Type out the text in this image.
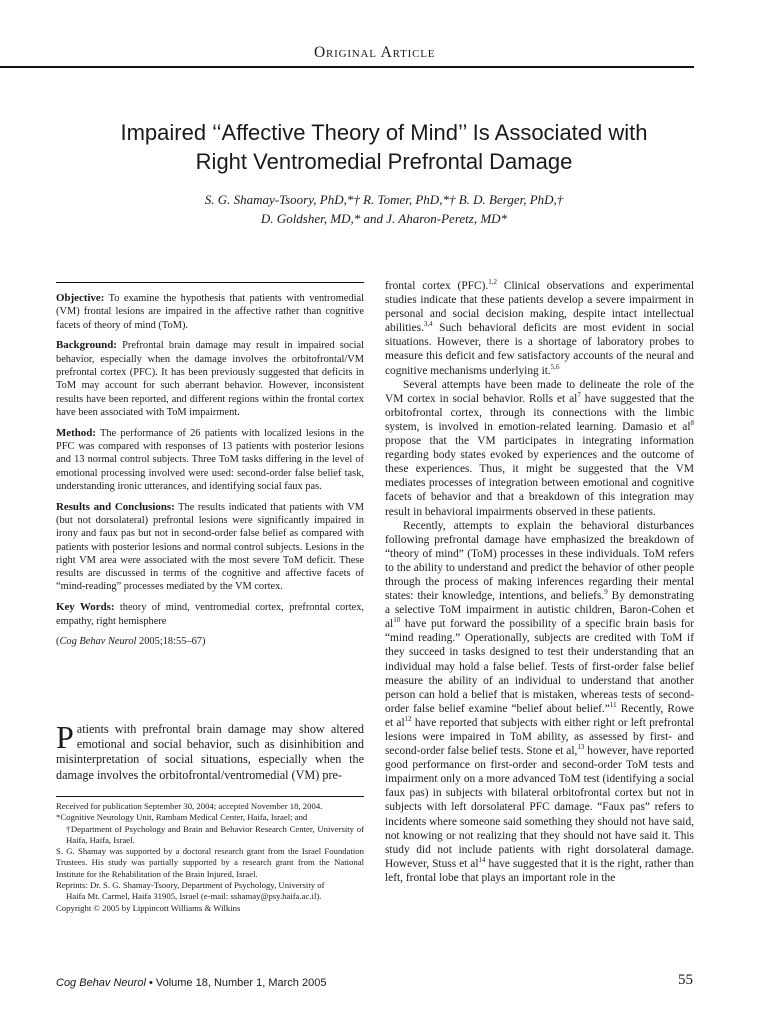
Original Article
Impaired ‘‘Affective Theory of Mind’’ Is Associated with
Right Ventromedial Prefrontal Damage
S. G. Shamay-Tsoory, PhD,*† R. Tomer, PhD,*† B. D. Berger, PhD,†
D. Goldsher, MD,* and J. Aharon-Peretz, MD*

Objective: To examine the hypothesis that patients with ventromedial (VM) frontal lesions are impaired in the affective rather than cognitive facets of theory of mind (ToM).

Background: Prefrontal brain damage may result in impaired social behavior, especially when the damage involves the orbitofrontal/VM prefrontal cortex (PFC). It has been previously suggested that deficits in ToM may account for such aberrant behavior. However, inconsistent results have been reported, and different regions within the frontal cortex have been associated with ToM impairment.

Method: The performance of 26 patients with localized lesions in the PFC was compared with responses of 13 patients with posterior lesions and 13 normal control subjects. Three ToM tasks differing in the level of emotional processing involved were used: second-order false belief task, understanding ironic utterances, and identifying social faux pas.

Results and Conclusions: The results indicated that patients with VM (but not dorsolateral) prefrontal lesions were significantly impaired in irony and faux pas but not in second-order false belief as compared with patients with posterior lesions and normal control subjects. Lesions in the right VM area were associated with the most severe ToM deficit. These results are discussed in terms of the cognitive and affective facets of “mind-reading” processes mediated by the VM cortex.

Key Words: theory of mind, ventromedial cortex, prefrontal cortex, empathy, right hemisphere

(Cog Behav Neurol 2005;18:55–67)

Patients with prefrontal brain damage may show altered emotional and social behavior, such as disinhibition and misinterpretation of social situations, especially when the damage involves the orbitofrontal/ventromedial (VM) pre-

Received for publication September 30, 2004; accepted November 18, 2004.

*Cognitive Neurology Unit, Rambam Medical Center, Haifa, Israel; and

†Department of Psychology and Brain and Behavior Research Center, University of Haifa, Haifa, Israel.

S. G. Shamay was supported by a doctoral research grant from the Israel Foundation Trustees. His study was partially supported by a research grant from the National Institute for the Rehabilitation of the Brain Injured, Israel.

Reprints: Dr. S. G. Shamay-Tsoory, Department of Psychology, University of

Haifa Mt. Carmel, Haifa 31905, Israel (e-mail: sshamay@psy.haifa.ac.il).

Copyright © 2005 by Lippincott Williams & Wilkins

frontal cortex (PFC).$^{1,2}$ Clinical observations and experimental studies indicate that these patients develop a severe impairment in personal and social decision making, despite intact intellectual abilities.$^{3,4}$ Such behavioral deficits are most evident in social situations. However, there is a shortage of laboratory probes to measure this deficit and few satisfactory accounts of the neural and cognitive mechanisms underlying it.$^{5,6}$

Several attempts have been made to delineate the role of the VM cortex in social behavior. Rolls et $al^7$ have suggested that the orbitofrontal cortex, through its connections with the limbic system, is involved in emotion-related learning. Damasio et $al^8$ propose that the VM participates in integrating information regarding body states evoked by experiences and the outcome of these experiences. Thus, it might be suggested that the VM mediates processes of integration between emotional and cognitive facets of behavior and that a breakdown of this integration may result in behavioral impairments observed in these patients.

Recently, attempts to explain the behavioral disturbances following prefrontal damage have emphasized the breakdown of “theory of mind” (ToM) processes in these individuals. ToM refers to the ability to understand and predict the behavior of other people through the process of making inferences regarding their mental states: their knowledge, intentions, and beliefs.$^9$ By demonstrating a selective ToM impairment in autistic children, Baron-Cohen et $al^{10}$ have put forward the possibility of a specific brain basis for “mind reading.” Operationally, subjects are credited with ToM if they succeed in tasks designed to test their understanding that an individual may hold a false belief. Tests of first-order false belief measure the ability of an individual to understand that another person can hold a belief that is mistaken, whereas tests of second-order false belief examine “belief about belief.”$^{11}$ Recently, Rowe et $al^{12}$ have reported that subjects with either right or left prefrontal lesions were impaired in ToM ability, as assessed by first- and second-order false belief tests. Stone et al,$^{13}$ however, have reported good performance on first-order and second-order ToM tests and impairment only on a more advanced ToM test (identifying a social faux pas) in subjects with bilateral orbitofrontal cortex but not in subjects with left dorsolateral PFC damage. “Faux pas” refers to incidents where someone said something they should not have said, not knowing or not realizing that they should not have said it. This study did not include patients with right dorsolateral damage. However, Stuss et $al^{14}$ have suggested that it is the right, rather than left, frontal lobe that plays an important role in the

Cog Behav Neurol • Volume 18, Number 1, March 2005	55
